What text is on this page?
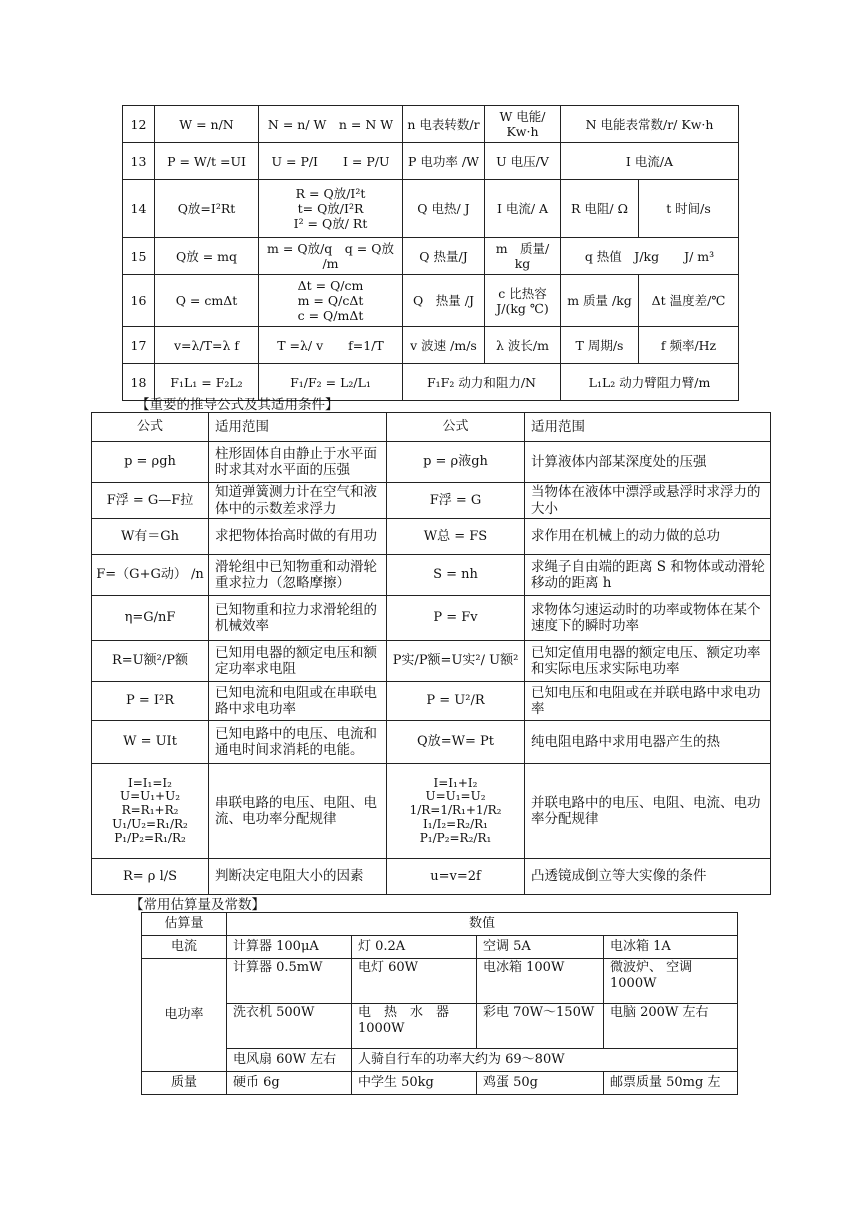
12	W = n/N	N = n/ W　n = N W	n 电表转数/r	W 电能/ Kw·h	N 电能表常数/r/ Kw·h	
13	P = W/t =UI	U = P/I　　I = P/U	P 电功率 /W	U 电压/V	I 电流/A	
14	Q放=I²Rt	R = Q放/I²t
t= Q放/I²R
I² = Q放/ Rt	Q 电热/ J	I 电流/ A	R 电阻/ Ω	t 时间/s
15	Q放 = mq	m = Q放/q　q = Q放 /m	Q 热量/J	m　质量/ kg	q 热值　J/kg　　J/ m³	
16	Q = cmΔt	Δt = Q/cm
m = Q/cΔt
c = Q/mΔt	Q　热量 /J	c 比热容 J/(kg ℃)	m 质量 /kg	Δt 温度差/℃
17	v=λ/T=λ f	T =λ/ v　　f=1/T	v 波速 /m/s	λ 波长/m	T 周期/s	f 频率/Hz
18	F₁L₁ = F₂L₂	F₁/F₂ = L₂/L₁	F₁F₂ 动力和阻力/N		L₁L₂ 动力臂阻力臂/m	
【重要的推导公式及其适用条件】
公式	适用范围	公式	适用范围
p = ρgh	柱形固体自由静止于水平面时求其对水平面的压强	p = ρ液gh	计算液体内部某深度处的压强
F浮 = G—F拉	知道弹簧测力计在空气和液体中的示数差求浮力	F浮 = G	当物体在液体中漂浮或悬浮时求浮力的大小
W有＝Gh	求把物体抬高时做的有用功	W总 = FS	求作用在机械上的动力做的总功
F=（G+G动） /n	滑轮组中已知物重和动滑轮重求拉力（忽略摩擦）	S = nh	求绳子自由端的距离 S 和物体或动滑轮移动的距离 h
η=G/nF	已知物重和拉力求滑轮组的机械效率	P = Fv	求物体匀速运动时的功率或物体在某个速度下的瞬时功率
R=U额²/P额	已知用电器的额定电压和额定功率求电阻	P实/P额=U实²/ U额²	已知定值用电器的额定电压、额定功率和实际电压求实际电功率
P = I²R	已知电流和电阻或在串联电路中求电功率	P = U²/R	已知电压和电阻或在并联电路中求电功率
W = UIt	已知电路中的电压、电流和通电时间求消耗的电能。	Q放=W= Pt	纯电阻电路中求用电器产生的热
I=I₁=I₂
U=U₁+U₂
R=R₁+R₂
U₁/U₂=R₁/R₂
P₁/P₂=R₁/R₂	串联电路的电压、电阻、电流、电功率分配规律	I=I₁+I₂
U=U₁=U₂
1/R=1/R₁+1/R₂
I₁/I₂=R₂/R₁
P₁/P₂=R₂/R₁	并联电路中的电压、电阻、电流、电功率分配规律
R= ρ l/S	判断决定电阻大小的因素	u=v=2f	凸透镜成倒立等大实像的条件
【常用估算量及常数】
估算量	数值			
电流	计算器 100μA	灯 0.2A	空调 5A	电冰箱 1A
电功率	计算器 0.5mW	电灯 60W	电冰箱 100W	微波炉、 空调 1000W
	洗衣机 500W	电　热　水　器 1000W	彩电 70W～150W	电脑 200W 左右
	电风扇 60W 左右	人骑自行车的功率大约为 69～80W		
质量	硬币 6g	中学生 50kg	鸡蛋 50g	邮票质量 50mg 左
